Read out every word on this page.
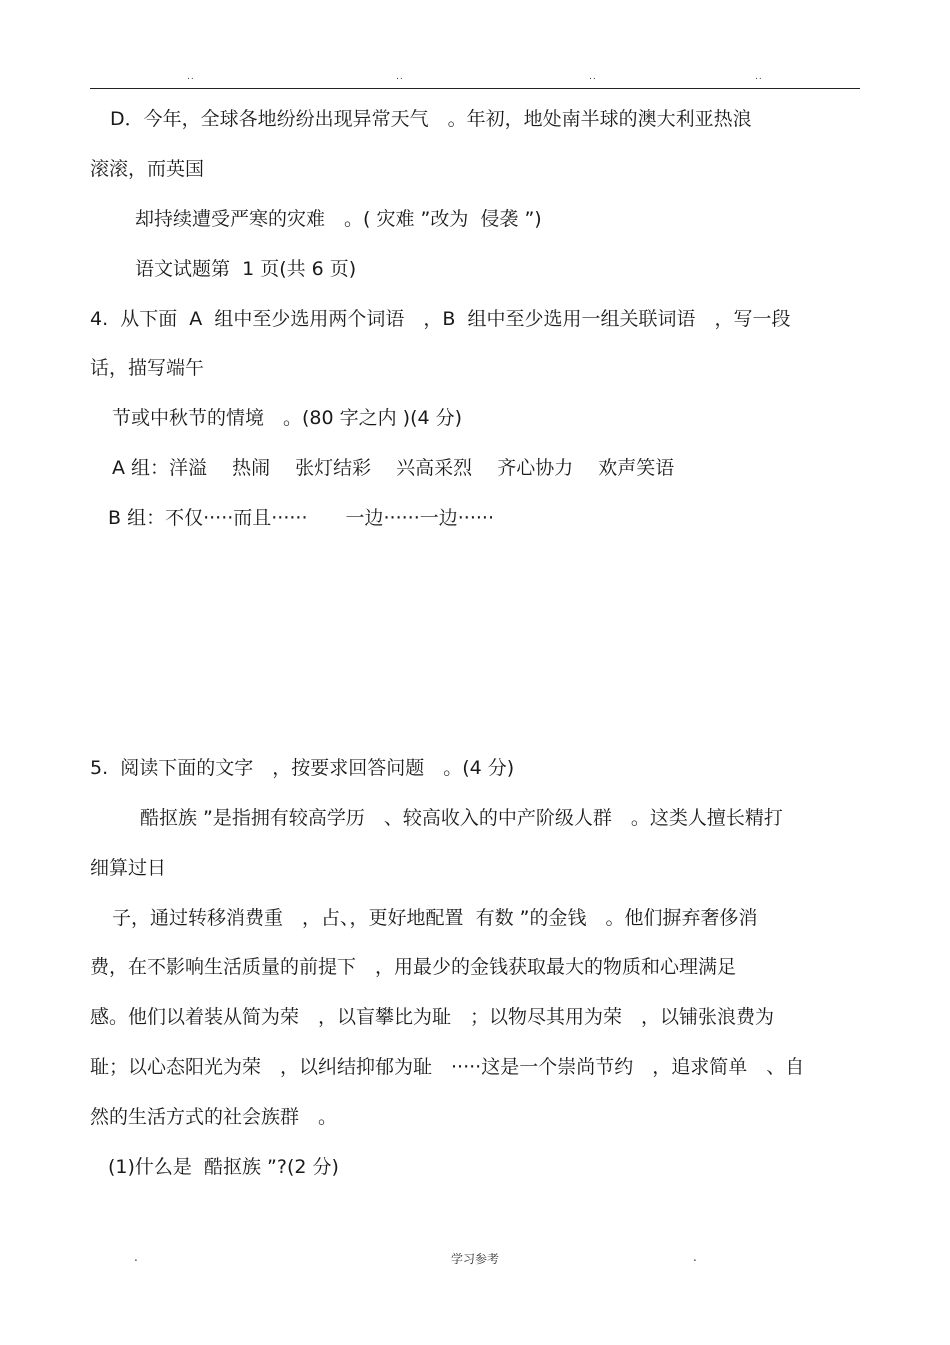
..	..	..	..
D．今年，全球各地纷纷出现异常天气　。年初，地处南半球的澳大利亚热浪
滚滚，而英国
却持续遭受严寒的灾难　。( 灾难 ”改为  侵袭 ”)
语文试题第  1 页(共 6 页)
4.  从下面  A  组中至少选用两个词语　，B  组中至少选用一组关联词语　，写一段
话，描写端午
节或中秋节的情境　。(80 字之内 )(4 分)
A 组：洋溢　 热闹　 张灯结彩　 兴高采烈　 齐心协力　 欢声笑语
B 组：不仅·····而且······　　一边······一边······
5.  阅读下面的文字　，按要求回答问题　。(4 分)
酷抠族 ”是指拥有较高学历　、较高收入的中产阶级人群　。这类人擅长精打
细算过日
子，通过转移消费重　，占、，更好地配置  有数 ”的金钱　。他们摒弃奢侈消
费，在不影响生活质量的前提下　，用最少的金钱获取最大的物质和心理满足
感。他们以着装从简为荣　，以盲攀比为耻　；以物尽其用为荣　，以铺张浪费为
耻；以心态阳光为荣　，以纠结抑郁为耻　·····这是一个崇尚节约　，追求简单　、自
然的生活方式的社会族群　。
(1)什么是  酷抠族 ”?(2 分)
.	学习参考	.
